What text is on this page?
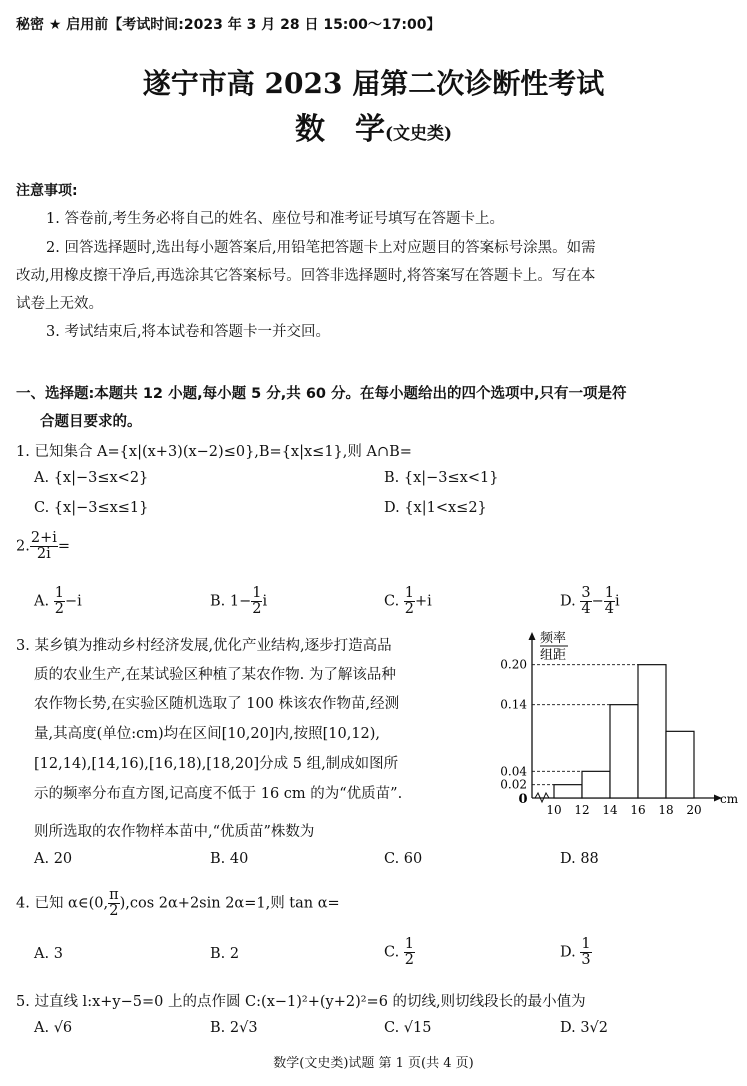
秘密 ★ 启用前【考试时间:2023 年 3 月 28 日 15:00～17:00】
遂宁市高 2023 届第二次诊断性考试
数　学(文史类)
注意事项:
1. 答卷前,考生务必将自己的姓名、座位号和准考证号填写在答题卡上。
2. 回答选择题时,选出每小题答案后,用铅笔把答题卡上对应题目的答案标号涂黑。如需
改动,用橡皮擦干净后,再选涂其它答案标号。回答非选择题时,将答案写在答题卡上。写在本
试卷上无效。
3. 考试结束后,将本试卷和答题卡一并交回。
一、选择题:本题共 12 小题,每小题 5 分,共 60 分。在每小题给出的四个选项中,只有一项是符
合题目要求的。
1. 已知集合 A={x|(x+3)(x−2)≤0},B={x|x≤1},则 A∩B=
A. {x|−3≤x<2}	B. {x|−3≤x<1}
C. {x|−3≤x≤1}	D. {x|1<x≤2}
2. $\frac{2+i}{2i}$ =
A. $\frac{1}{2} -i$	B. $1- \frac{1}{2}$ i	C. $\frac{1}{2} +i$	D. $\frac{3}{4} - \frac{1}{4}$ i
3. 某乡镇为推动乡村经济发展,优化产业结构,逐步打造高品
质的农业生产,在某试验区种植了某农作物. 为了解该品种
农作物长势,在实验区随机选取了 100 株该农作物苗,经测
量,其高度(单位:cm)均在区间[10,20]内,按照[10,12),
[12,14),[14,16),[16,18),[18,20]分成 5 组,制成如图所
示的频率分布直方图,记高度不低于 16 cm 的为“优质苗”.
则所选取的农作物样本苗中,“优质苗”株数为
A. 20	B. 40	C. 60	D. 88
频率
组距
0	cm
0.20
0.14
0.04
0.02
10 12 14 16 18 20
4. 已知 α∈(0, $\frac{\pi}{2} ),\cos$ 2α+2sin 2α=1,则 tan α=
A. 3	B. 2	C. $\frac{1}{2}$	D. $\frac{1}{3}$
5. 过直线 l:x+y−5=0 上的点作圆 C:(x−1)²+(y+2)²=6 的切线,则切线段长的最小值为
A. √6	B. 2√3	C. √15	D. 3√2
数学(文史类)试题 第 1 页(共 4 页)
